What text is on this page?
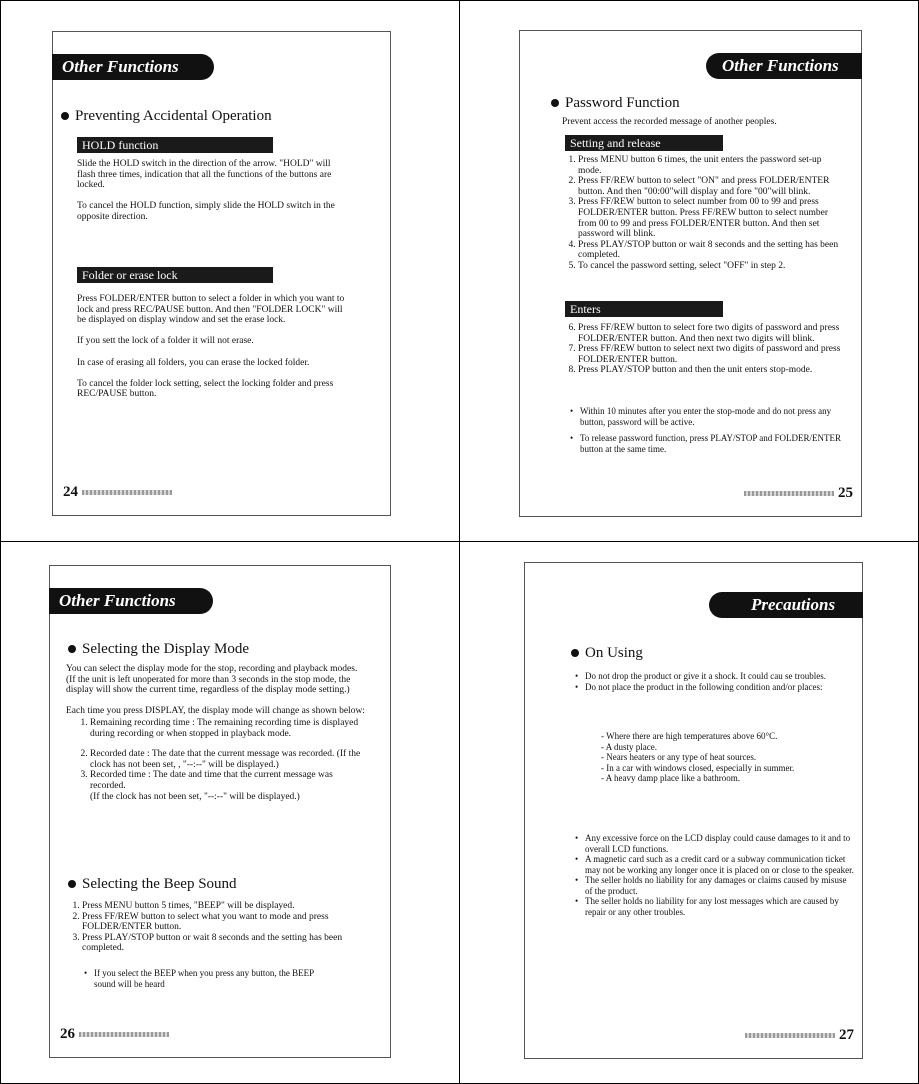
Other Functions
Preventing Accidental Operation
HOLD function

Slide the HOLD switch in the direction of the arrow. "HOLD" will flash three times, indication that all the functions of the buttons are locked.

To cancel the HOLD function, simply slide the HOLD switch in the opposite direction.

Folder or erase lock

Press FOLDER/ENTER button to select a folder in which you want to lock and press REC/PAUSE button. And then "FOLDER LOCK" will be displayed on display window and set the erase lock.

If you sett the lock of a folder it will not erase.

In case of erasing all folders, you can erase the locked folder.

To cancel the folder lock setting, select the locking folder and press REC/PAUSE button.

24
Other Functions
Password Function
Prevent access the recorded message of another peoples.
Setting and release
1. Press MENU button 6 times, the unit enters the password set-up mode.
2. Press FF/REW button to select "ON" and press FOLDER/ENTER button. And then "00:00"will display and fore "00"will blink.
3. Press FF/REW button to select number from 00 to 99 and press FOLDER/ENTER button. Press FF/REW button to select number from 00 to 99 and press FOLDER/ENTER button. And then set password will blink.
4. Press PLAY/STOP button or wait 8 seconds and the setting has been completed.
5. To cancel the password setting, select "OFF" in step 2.
Enters
6. Press FF/REW button to select fore two digits of password and press FOLDER/ENTER button. And then next two digits will blink.
7. Press FF/REW button to select next two digits of password and press FOLDER/ENTER button.
8. Press PLAY/STOP button and then the unit enters stop-mode.
• Within 10 minutes after you enter the stop-mode and do not press any button, password will be active.
• To release password function, press PLAY/STOP and FOLDER/ENTER button at the same time.
25
Other Functions
Selecting the Display Mode

You can select the display mode for the stop, recording and playback modes. (If the unit is left unoperated for more than 3 seconds in the stop mode, the display will show the current time, regardless of the display mode setting.)

Each time you press DISPLAY, the display mode will change as shown below:

1. Remaining recording time : The remaining recording time is displayed during recording or when stopped in playback mode.
2. Recorded date : The date that the current message was recorded. (If the clock has not been set, , "--:--" will be displayed.)
3. Recorded time : The date and time that the current message was recorded.
(If the clock has not been set, "--:--" will be displayed.)
Selecting the Beep Sound
1. Press MENU button 5 times, "BEEP" will be displayed.
2. Press FF/REW button to select what you want to mode and press FOLDER/ENTER button.
3. Press PLAY/STOP button or wait 8 seconds and the setting has been completed.
• If you select the BEEP when you press any button, the BEEP sound will be heard
26
Precautions
On Using
• Do not drop the product or give it a shock. It could cau se troubles.
• Do not place the product in the following condition and/or places:
- Where there are high temperatures above 60°C.
- A dusty place.
- Nears heaters or any type of heat sources.
- In a car with windows closed, especially in summer.
- A heavy damp place like a bathroom.
• Any excessive force on the LCD display could cause damages to it and to overall LCD functions.
• A magnetic card such as a credit card or a subway communication ticket may not be working any longer once it is placed on or close to the speaker.
• The seller holds no liability for any damages or claims caused by misuse of the product.
• The seller holds no liability for any lost messages which are caused by repair or any other troubles.
27
